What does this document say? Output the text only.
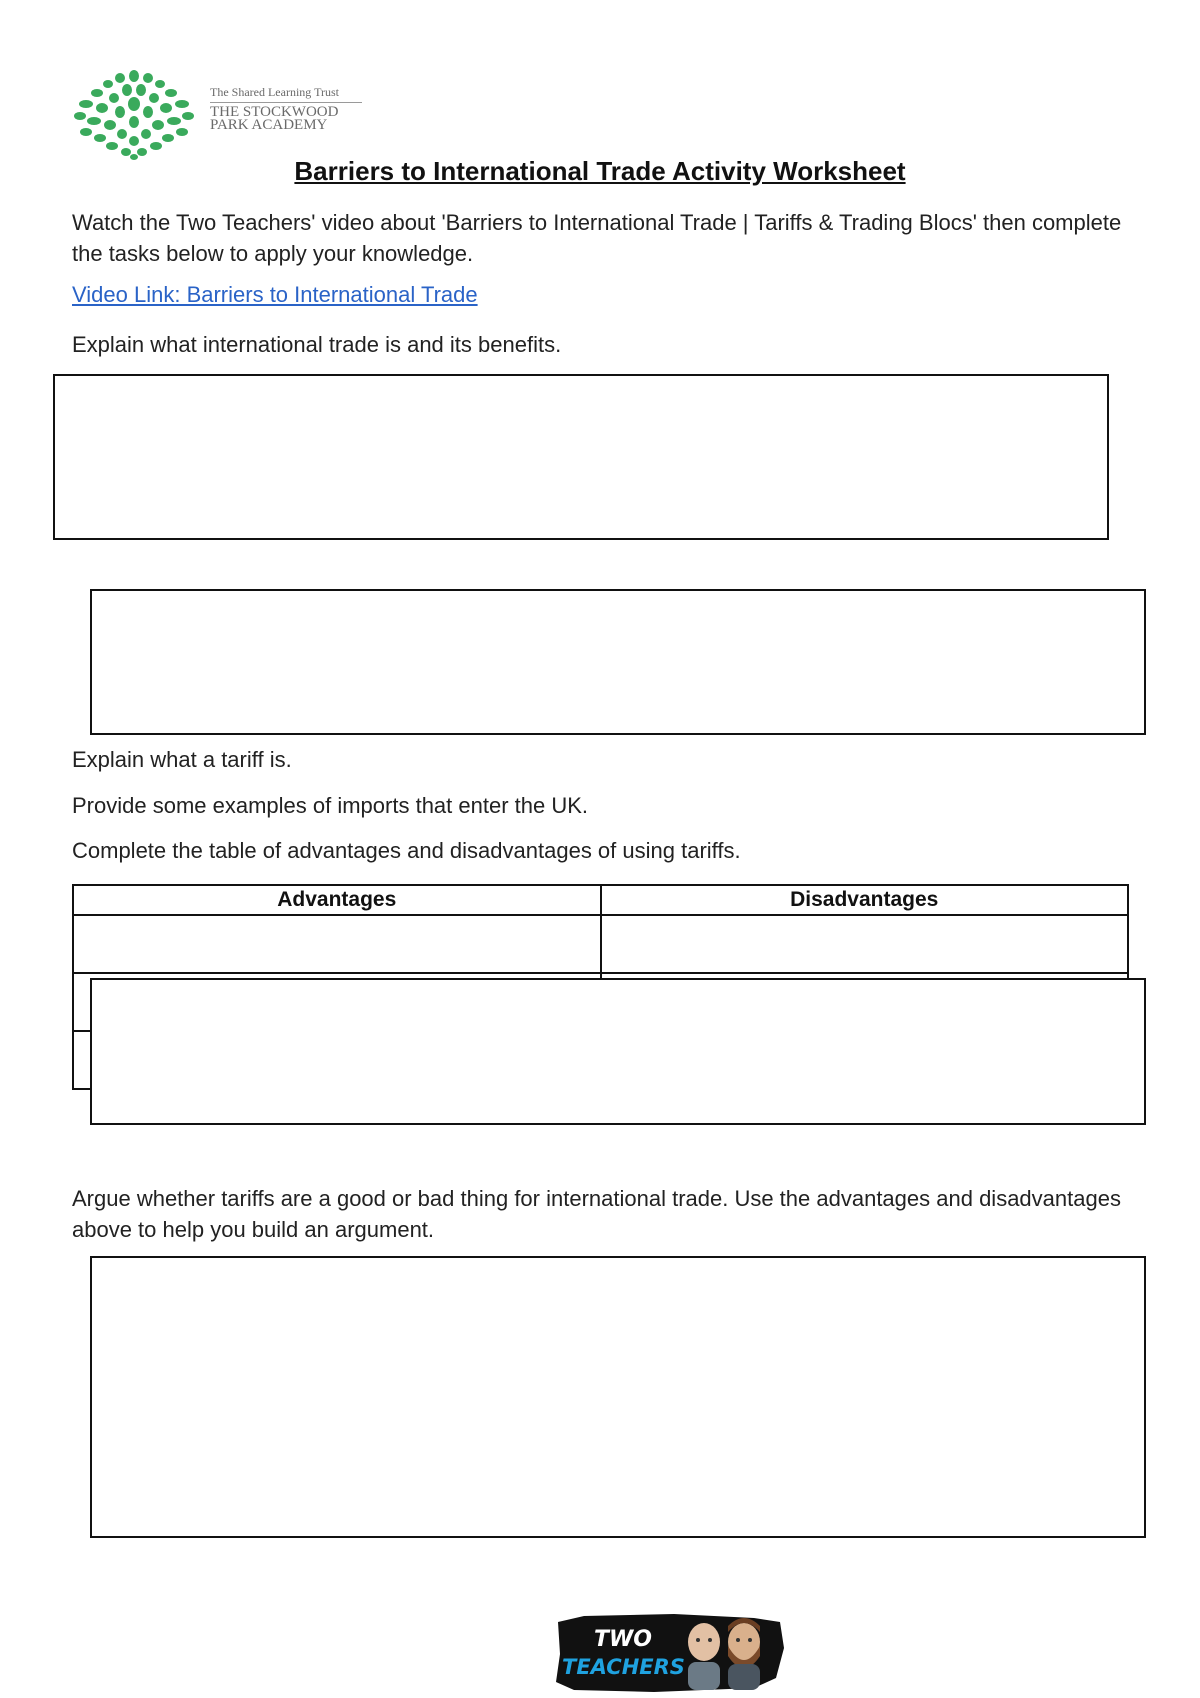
The Shared Learning Trust
THE STOCKWOOD
PARK ACADEMY
Barriers to International Trade Activity Worksheet
Watch the Two Teachers' video about 'Barriers to International Trade | Tariffs & Trading Blocs' then complete the tasks below to apply your knowledge.
Video Link: Barriers to International Trade
Explain what international trade is and its benefits.
Explain what a tariff is.
Provide some examples of imports that enter the UK.
Complete the table of advantages and disadvantages of using tariffs.
Advantages	Disadvantages

Argue whether tariffs are a good or bad thing for international trade. Use the advantages and disadvantages above to help you build an argument.
TWO
TEACHERS
